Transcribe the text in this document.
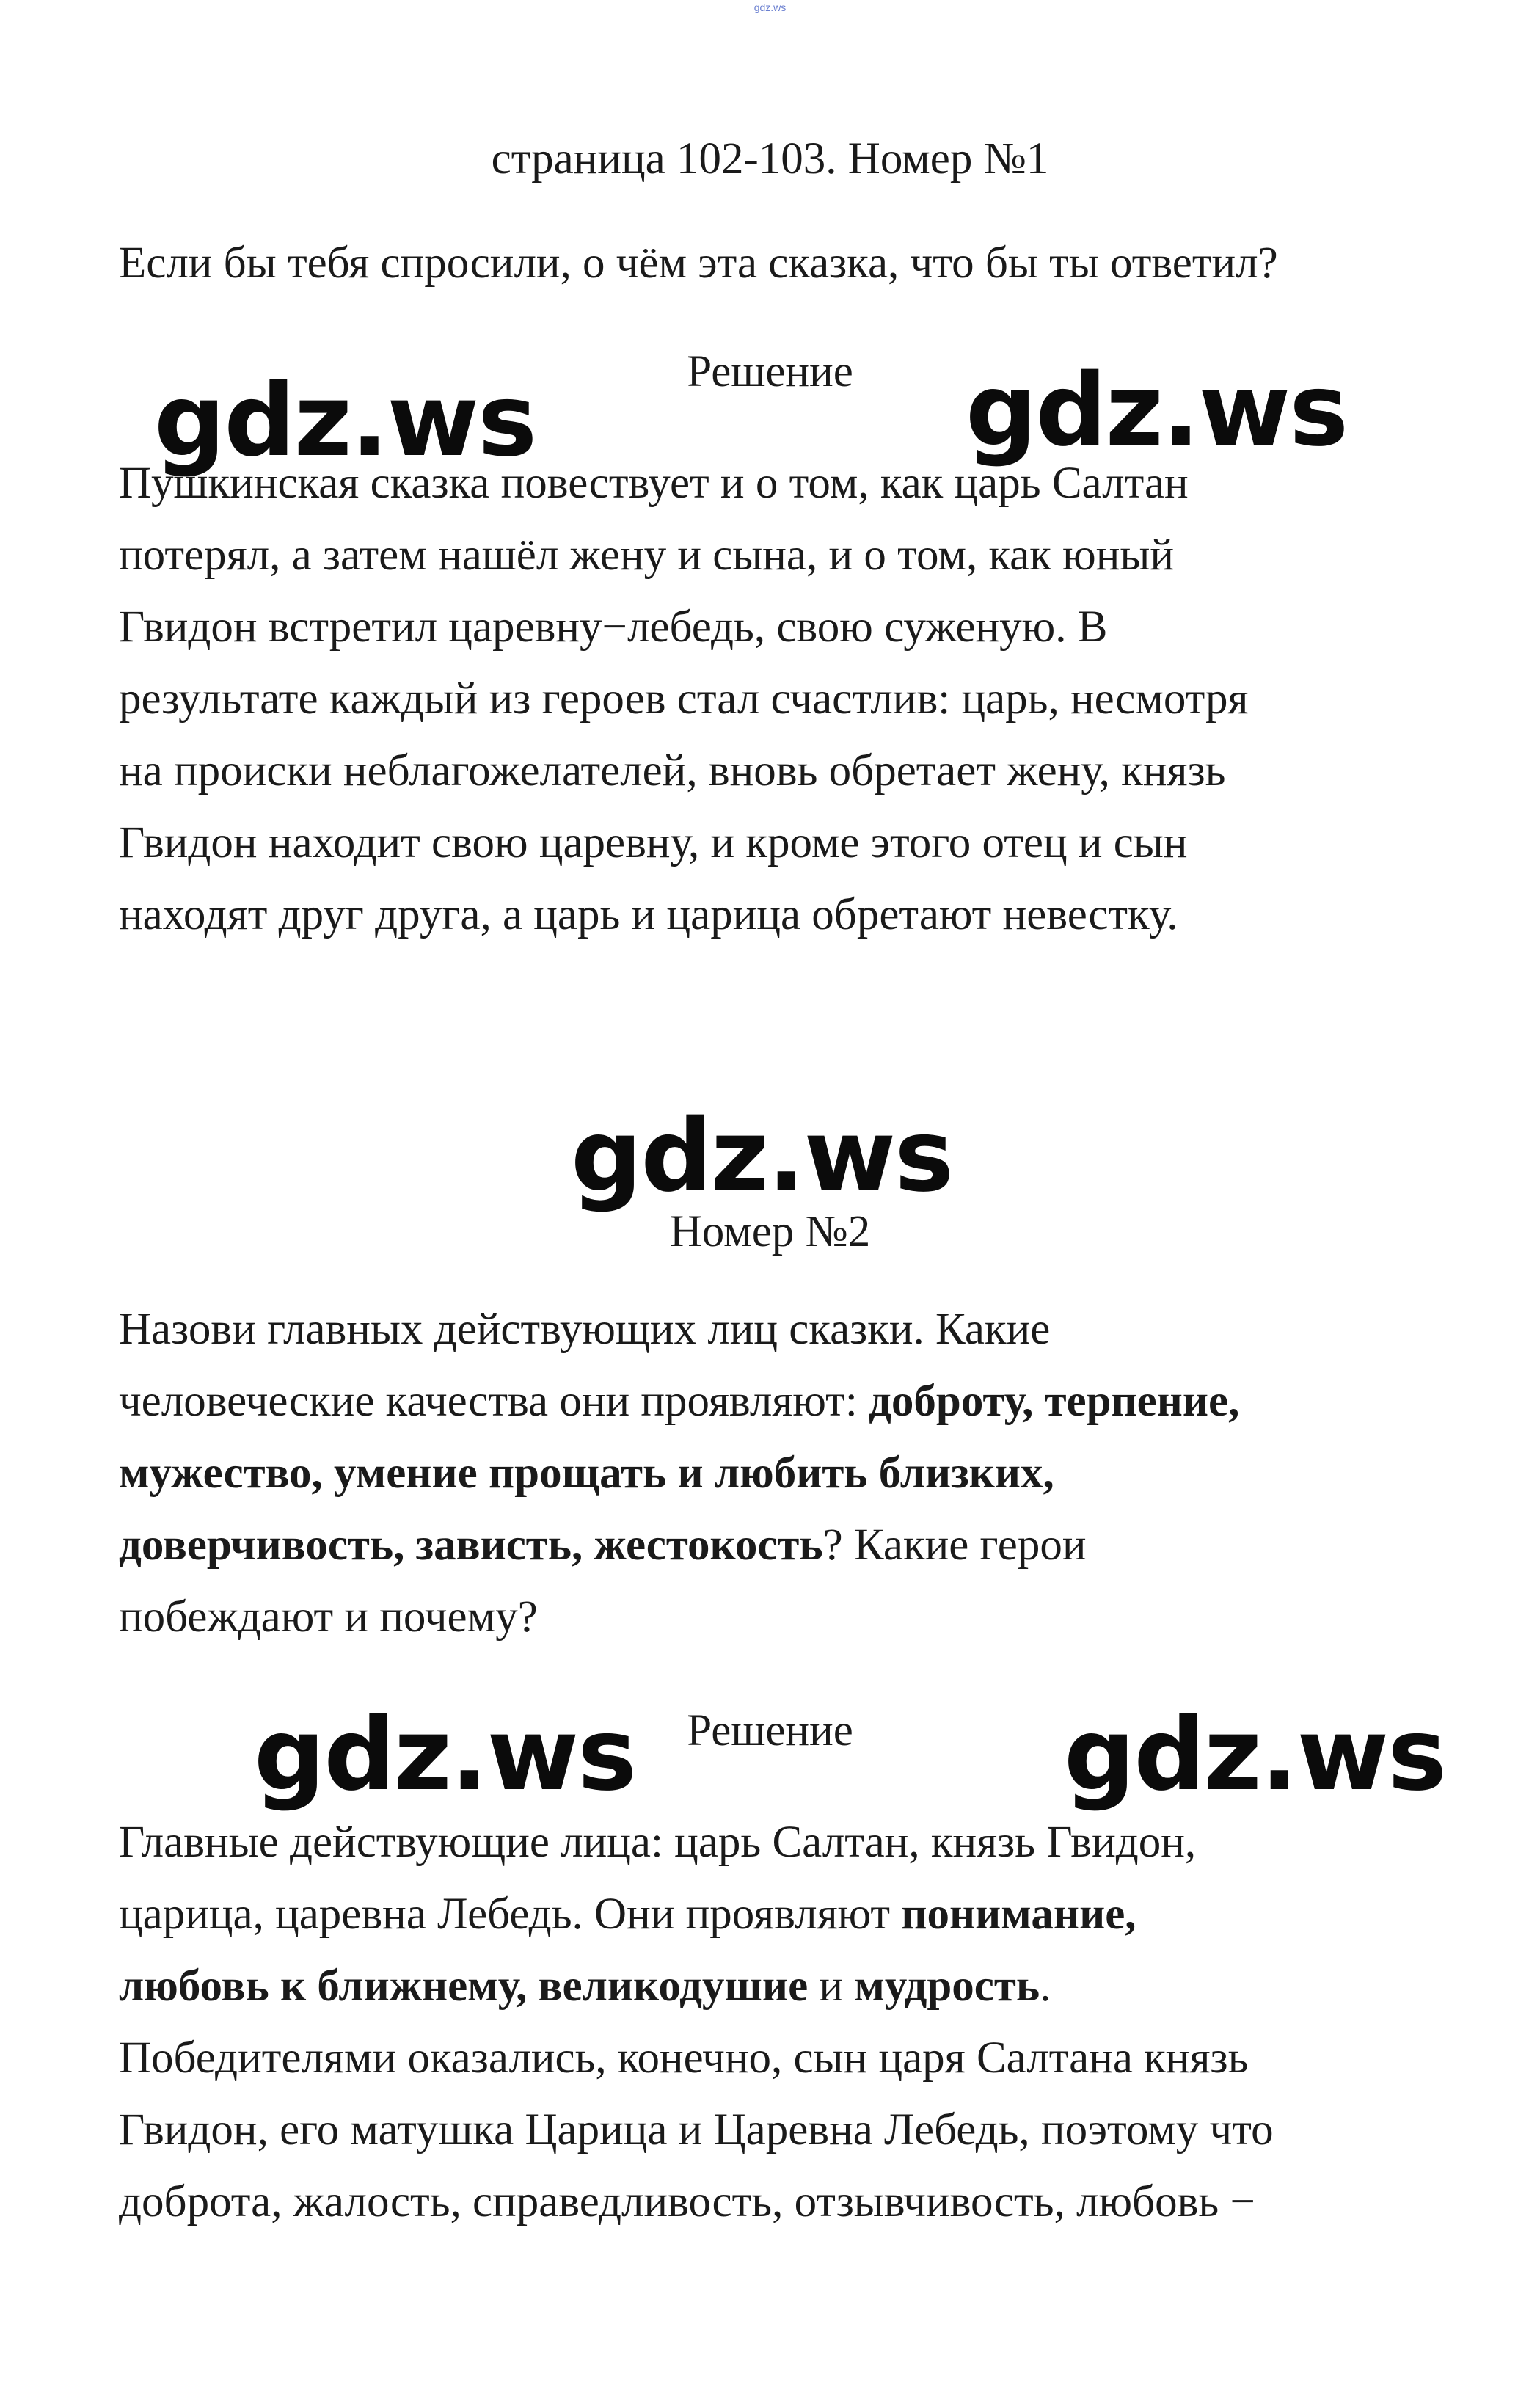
gdz.ws
страница 102-103. Номер №1

Если бы тебя спросили, о чём эта сказка, что бы ты ответил?

Решение
gdz.ws	gdz.ws

Пушкинская сказка повествует и о том, как царь Салтан
потерял, а затем нашёл жену и сына, и о том, как юный
Гвидон встретил царевну−лебедь, свою суженую. В
результате каждый из героев стал счастлив: царь, несмотря
на происки неблагожелателей, вновь обретает жену, князь
Гвидон находит свою царевну, и кроме этого отец и сын
находят друг друга, а царь и царица обретают невестку.

gdz.ws
Номер №2

Назови главных действующих лиц сказки. Какие
человеческие качества они проявляют: доброту, терпение,
мужество, умение прощать и любить близких,
доверчивость, зависть, жестокость? Какие герои
побеждают и почему?

Решение
gdz.ws	gdz.ws

Главные действующие лица: царь Салтан, князь Гвидон,
царица, царевна Лебедь. Они проявляют понимание,
любовь к ближнему, великодушие и мудрость.
Победителями оказались, конечно, сын царя Салтана князь
Гвидон, его матушка Царица и Царевна Лебедь, поэтому что
доброта, жалость, справедливость, отзывчивость, любовь −
